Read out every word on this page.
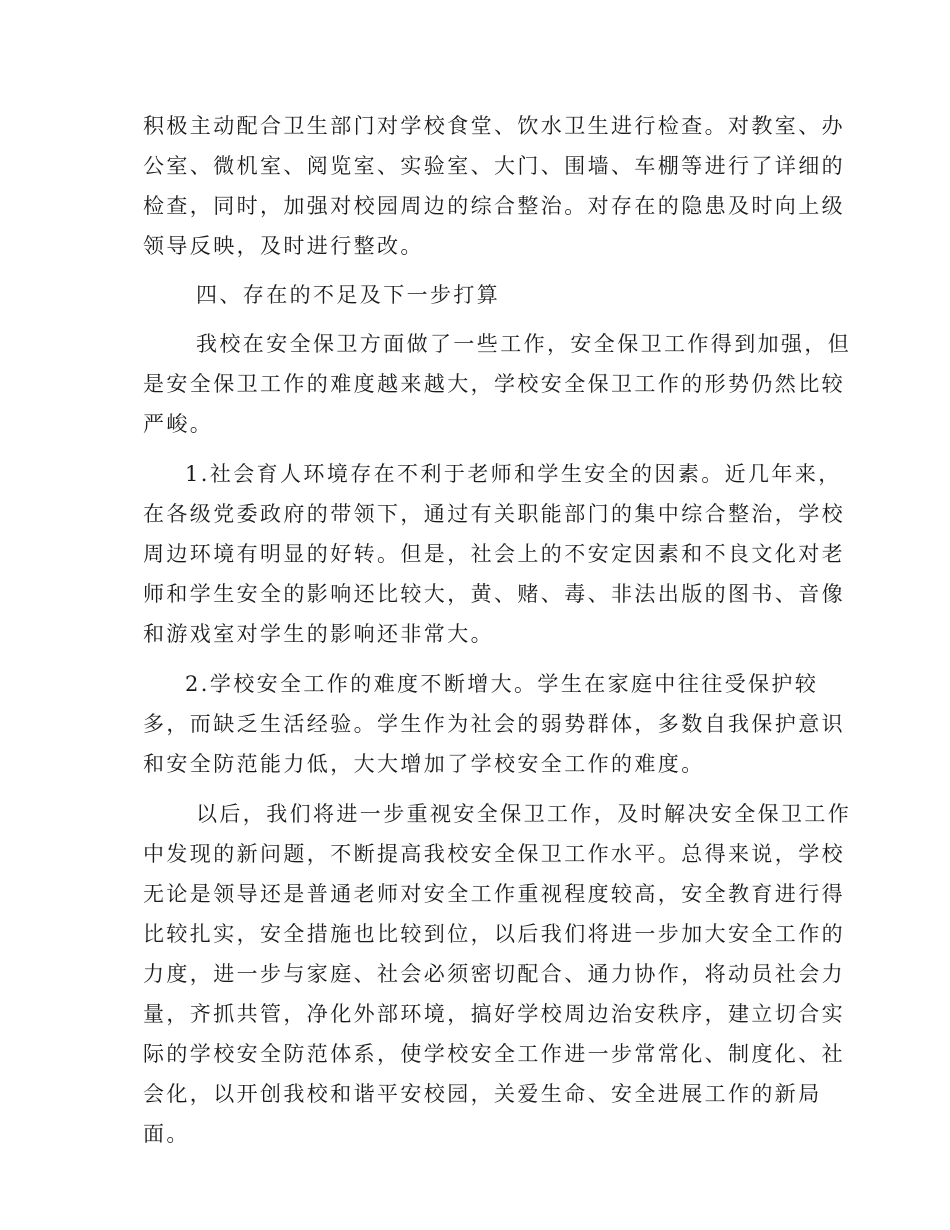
积极主动配合卫生部门对学校食堂、饮水卫生进行检查。对教室、办

公室、微机室、阅览室、实验室、大门、围墙、车棚等进行了详细的

检查，同时，加强对校园周边的综合整治。对存在的隐患及时向上级

领导反映，及时进行整改。

四、存在的不足及下一步打算

我校在安全保卫方面做了一些工作，安全保卫工作得到加强，但

是安全保卫工作的难度越来越大，学校安全保卫工作的形势仍然比较

严峻。

1.社会育人环境存在不利于老师和学生安全的因素。近几年来，

在各级党委政府的带领下，通过有关职能部门的集中综合整治，学校

周边环境有明显的好转。但是，社会上的不安定因素和不良文化对老

师和学生安全的影响还比较大，黄、赌、毒、非法出版的图书、音像

和游戏室对学生的影响还非常大。

2.学校安全工作的难度不断增大。学生在家庭中往往受保护较

多，而缺乏生活经验。学生作为社会的弱势群体，多数自我保护意识

和安全防范能力低，大大增加了学校安全工作的难度。

以后，我们将进一步重视安全保卫工作，及时解决安全保卫工作

中发现的新问题，不断提高我校安全保卫工作水平。总得来说，学校

无论是领导还是普通老师对安全工作重视程度较高，安全教育进行得

比较扎实，安全措施也比较到位，以后我们将进一步加大安全工作的

力度，进一步与家庭、社会必须密切配合、通力协作，将动员社会力

量，齐抓共管，净化外部环境，搞好学校周边治安秩序，建立切合实

际的学校安全防范体系，使学校安全工作进一步常常化、制度化、社

会化，以开创我校和谐平安校园，关爱生命、安全进展工作的新局

面。
